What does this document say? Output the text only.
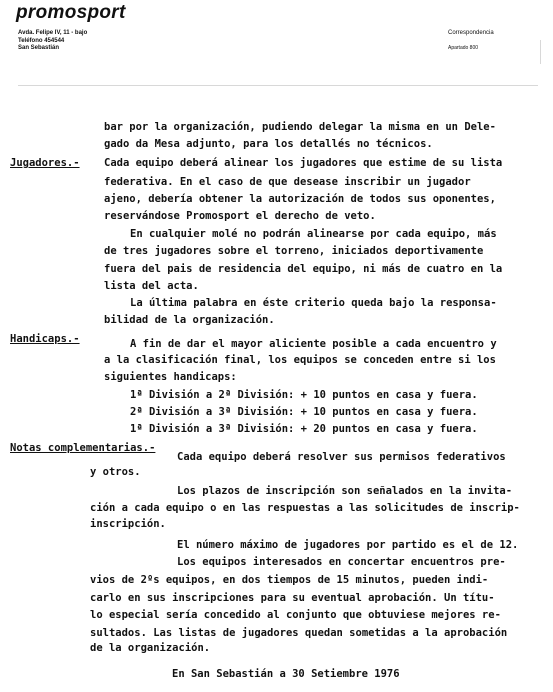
promosport
Avda. Felipe IV, 11 - bajo
Teléfono 454544
San Sebastián
Correspondencia
Apartado 800
bar por la organización, pudiendo delegar la misma en un Dele-
gado da Mesa adjunto, para los detallés no técnicos.
Jugadores.- Cada equipo deberá alinear los jugadores que estime de su lista
federativa. En el caso de que desease inscribir un jugador
ajeno, debería obtener la autorización de todos sus oponentes,
reservándose Promosport el derecho de veto.
En cualquier molé no podrán alinearse por cada equipo, más
de tres jugadores sobre el torreno, iniciados deportivamente
fuera del pais de residencia del equipo, ni más de cuatro en la
lista del acta.
La última palabra en éste criterio queda bajo la responsa-
bilidad de la organización.
Handicaps.-	A fin de dar el mayor aliciente posible a cada encuentro y
a la clasificación final, los equipos se conceden entre si los
siguientes handicaps:
1ª División a 2ª División: + 10 puntos en casa y fuera.
2ª División a 3ª División: + 10 puntos en casa y fuera.
1ª División a 3ª División: + 20 puntos en casa y fuera.
Notas complementarias.-
Cada equipo deberá resolver sus permisos federativos
y otros.
Los plazos de inscripción son señalados en la invita-
ción a cada equipo o en las respuestas a las solicitudes de inscrip-
inscripción.
El número máximo de jugadores por partido es el de 12.
Los equipos interesados en concertar encuentros pre-
vios de 2ºs equipos, en dos tiempos de 15 minutos, pueden indi-
carlo en sus inscripciones para su eventual aprobación. Un títu-
lo especial sería concedido al conjunto que obtuviese mejores re-
sultados. Las listas de jugadores quedan sometidas a la aprobación
de la organización.
En San Sebastián a 30 Setiembre 1976
